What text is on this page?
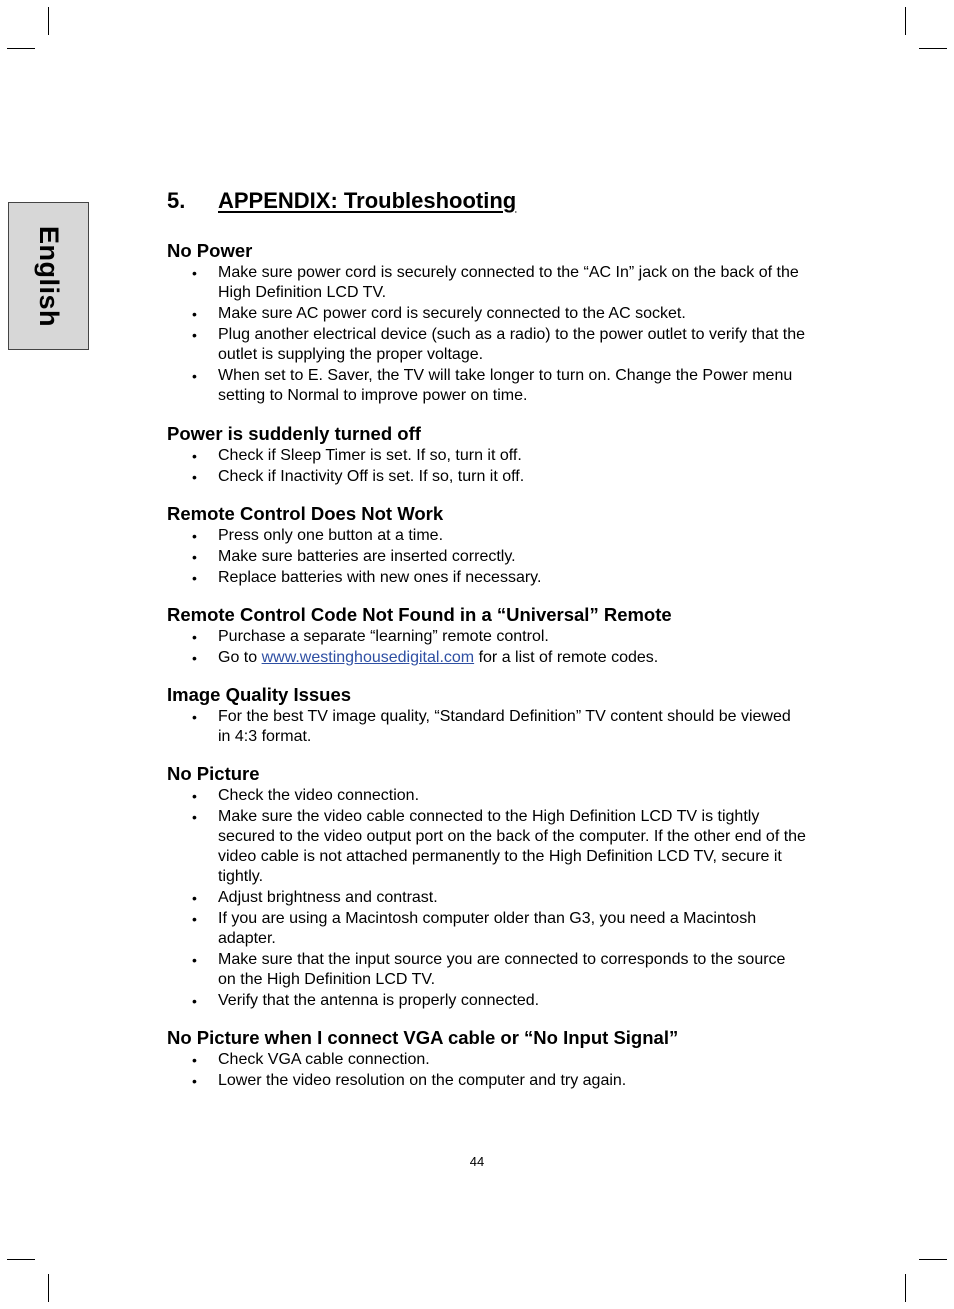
English
5. APPENDIX: Troubleshooting
No Power
• Make sure power cord is securely connected to the “AC In” jack on the back of the High Definition LCD TV.
• Make sure AC power cord is securely connected to the AC socket.
• Plug another electrical device (such as a radio) to the power outlet to verify that the outlet is supplying the proper voltage.
• When set to E. Saver, the TV will take longer to turn on. Change the Power menu setting to Normal to improve power on time.
Power is suddenly turned off
• Check if Sleep Timer is set. If so, turn it off.
• Check if Inactivity Off is set. If so, turn it off.
Remote Control Does Not Work
• Press only one button at a time.
• Make sure batteries are inserted correctly.
• Replace batteries with new ones if necessary.
Remote Control Code Not Found in a “Universal” Remote
• Purchase a separate “learning” remote control.
• Go to www.westinghousedigital.com for a list of remote codes.
Image Quality Issues
• For the best TV image quality, “Standard Definition” TV content should be viewed in 4:3 format.
No Picture
• Check the video connection.
• Make sure the video cable connected to the High Definition LCD TV is tightly secured to the video output port on the back of the computer. If the other end of the video cable is not attached permanently to the High Definition LCD TV, secure it tightly.
• Adjust brightness and contrast.
• If you are using a Macintosh computer older than G3, you need a Macintosh adapter.
• Make sure that the input source you are connected to corresponds to the source on the High Definition LCD TV.
• Verify that the antenna is properly connected.
No Picture when I connect VGA cable or “No Input Signal”
• Check VGA cable connection.
• Lower the video resolution on the computer and try again.
44
